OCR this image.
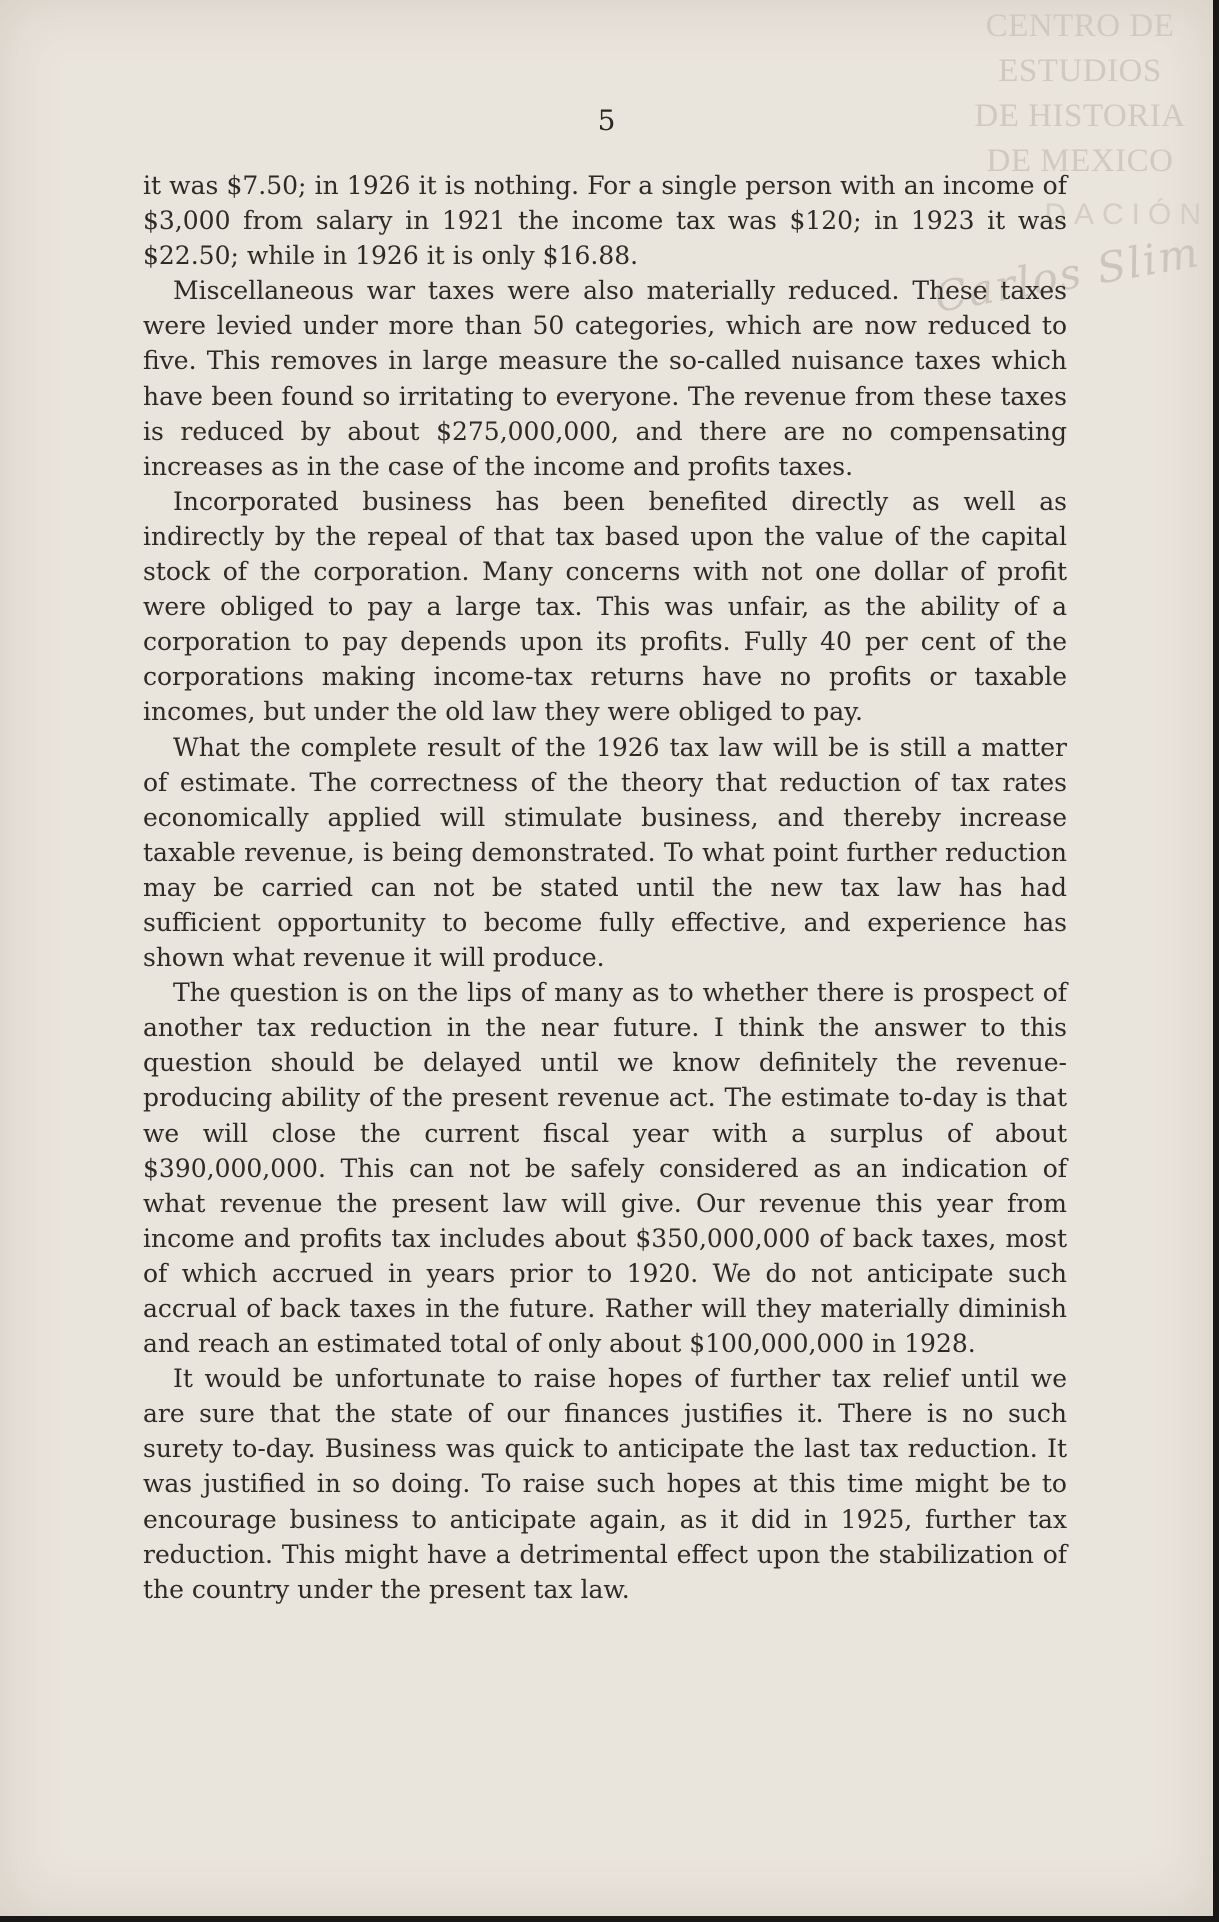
CENTRO DE
ESTUDIOS
DE HISTORIA
DE MEXICO
DACIÓN
Carlos Slim
5

it was $7.50; in 1926 it is nothing. For a single person with an income of $3,000 from salary in 1921 the income tax was $120; in 1923 it was $22.50; while in 1926 it is only $16.88.

Miscellaneous war taxes were also materially reduced. These taxes were levied under more than 50 categories, which are now reduced to five. This removes in large measure the so-called nuisance taxes which have been found so irritating to everyone. The revenue from these taxes is reduced by about $275,000,000, and there are no compensating increases as in the case of the income and profits taxes.

Incorporated business has been benefited directly as well as indirectly by the repeal of that tax based upon the value of the capital stock of the corporation. Many concerns with not one dollar of profit were obliged to pay a large tax. This was unfair, as the ability of a corporation to pay depends upon its profits. Fully 40 per cent of the corporations making income-tax returns have no profits or taxable incomes, but under the old law they were obliged to pay.

What the complete result of the 1926 tax law will be is still a matter of estimate. The correctness of the theory that reduction of tax rates economically applied will stimulate business, and thereby increase taxable revenue, is being demonstrated. To what point further reduction may be carried can not be stated until the new tax law has had sufficient opportunity to become fully effective, and experience has shown what revenue it will produce.

The question is on the lips of many as to whether there is prospect of another tax reduction in the near future. I think the answer to this question should be delayed until we know definitely the revenue-producing ability of the present revenue act. The estimate to-day is that we will close the current fiscal year with a surplus of about $390,000,000. This can not be safely considered as an indication of what revenue the present law will give. Our revenue this year from income and profits tax includes about $350,000,000 of back taxes, most of which accrued in years prior to 1920. We do not anticipate such accrual of back taxes in the future. Rather will they materially diminish and reach an estimated total of only about $100,000,000 in 1928.

It would be unfortunate to raise hopes of further tax relief until we are sure that the state of our finances justifies it. There is no such surety to-day. Business was quick to anticipate the last tax reduction. It was justified in so doing. To raise such hopes at this time might be to encourage business to anticipate again, as it did in 1925, further tax reduction. This might have a detrimental effect upon the stabilization of the country under the present tax law.
